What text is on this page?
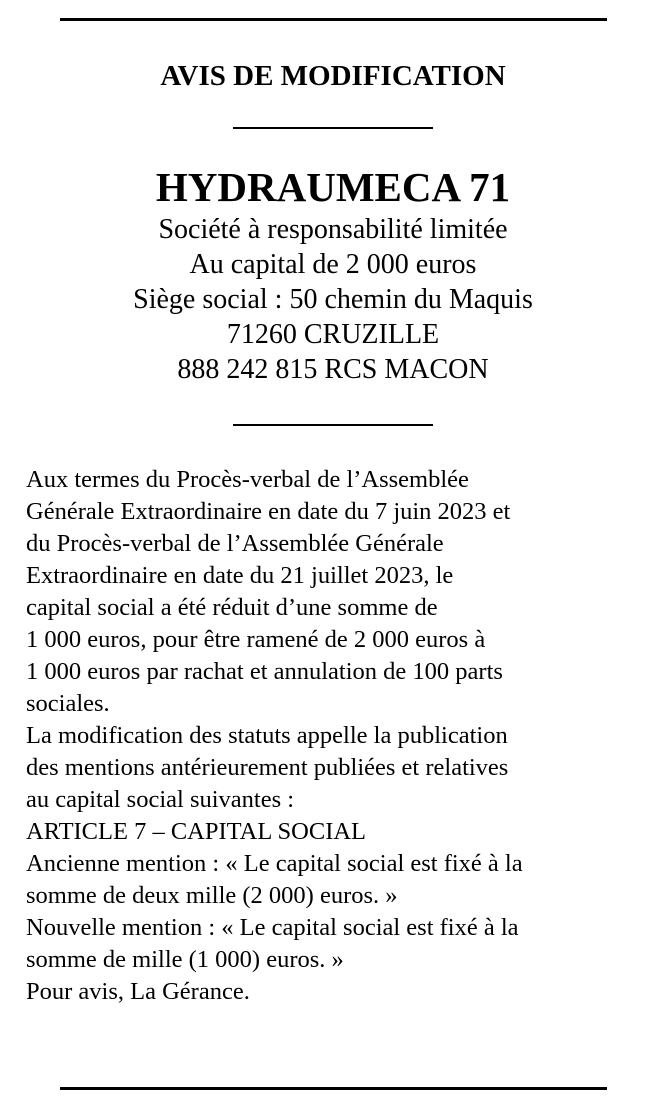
AVIS DE MODIFICATION
HYDRAUMECA 71
Société à responsabilité limitée
Au capital de 2 000 euros
Siège social : 50 chemin du Maquis
71260 CRUZILLE
888 242 815 RCS MACON
Aux termes du Procès-verbal de l’Assemblée
Générale Extraordinaire en date du 7 juin 2023 et
du Procès-verbal de l’Assemblée Générale
Extraordinaire en date du 21 juillet 2023, le
capital social a été réduit d’une somme de
1 000 euros, pour être ramené de 2 000 euros à
1 000 euros par rachat et annulation de 100 parts
sociales.
La modification des statuts appelle la publication
des mentions antérieurement publiées et relatives
au capital social suivantes :
ARTICLE 7 – CAPITAL SOCIAL
Ancienne mention : « Le capital social est fixé à la
somme de deux mille (2 000) euros. »
Nouvelle mention : « Le capital social est fixé à la
somme de mille (1 000) euros. »
Pour avis, La Gérance.
